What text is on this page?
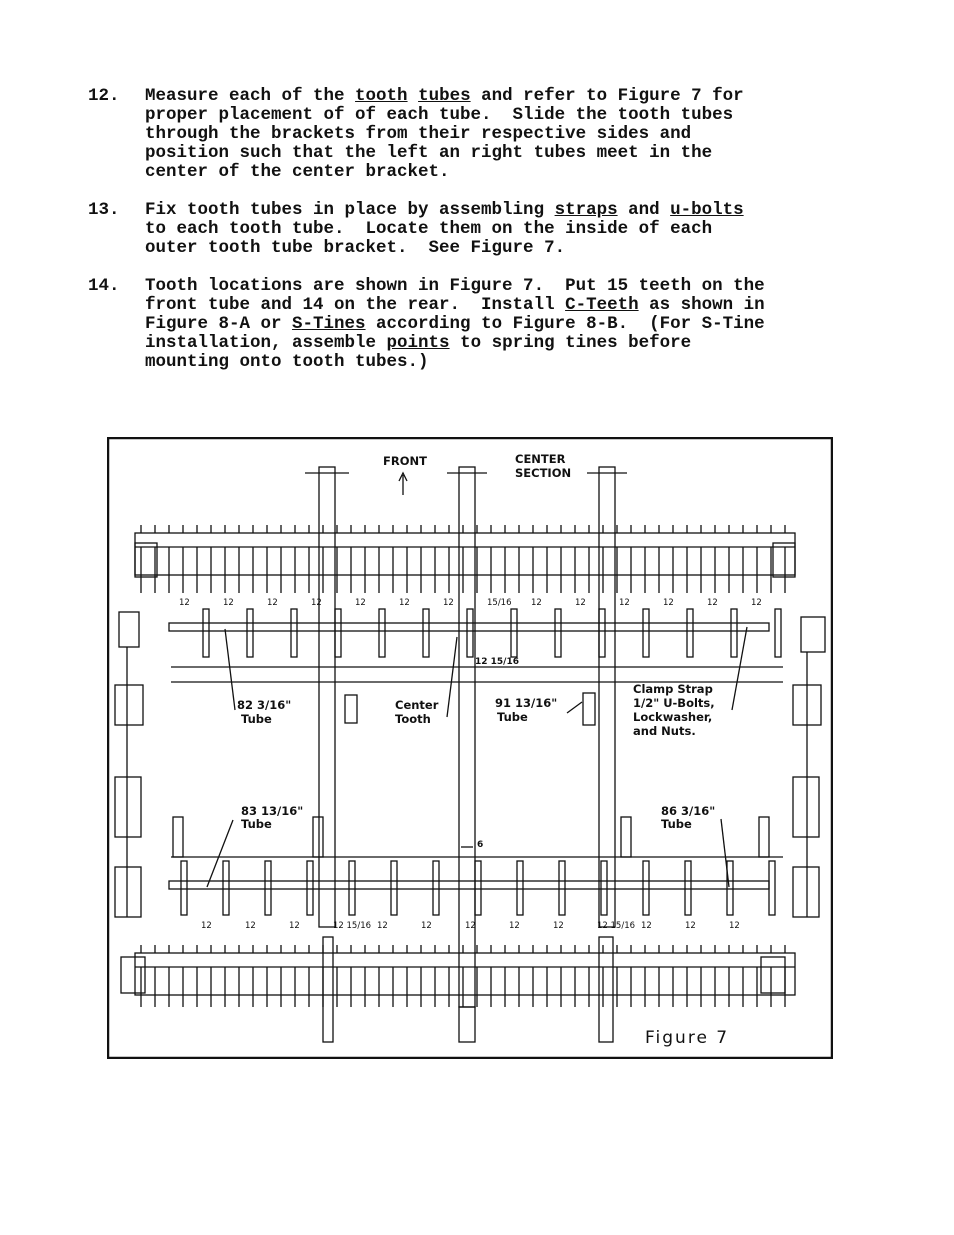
12.	Measure each of the tooth tubes and refer to Figure 7 for
proper placement of of each tube.  Slide the tooth tubes
through the brackets from their respective sides and
position such that the left an right tubes meet in the
center of the center bracket.
13.	Fix tooth tubes in place by assembling straps and u-bolts
to each tooth tube.  Locate them on the inside of each
outer tooth tube bracket.  See Figure 7.
14.	Tooth locations are shown in Figure 7.  Put 15 teeth on the
front tube and 14 on the rear.  Install C-Teeth as shown in
Figure 8-A or S-Tines according to Figure 8-B.  (For S-Tine
installation, assemble points to spring tines before
mounting onto tooth tubes.)
FRONT	CENTER
SECTION
82 3/16"
Tube
Center
Tooth
91 13/16"
Tube
Clamp Strap
1/2" U-Bolts,
Lockwasher,
and Nuts.
83 13/16"
Tube
86 3/16"
Tube
6
12 15/16
12	12	12	12	12	12	12	15/16 12	12	12	12	12	12
12	12	12	12 15/16 12	12	12	12	12	12 15/16 12	12	12
Figure 7
